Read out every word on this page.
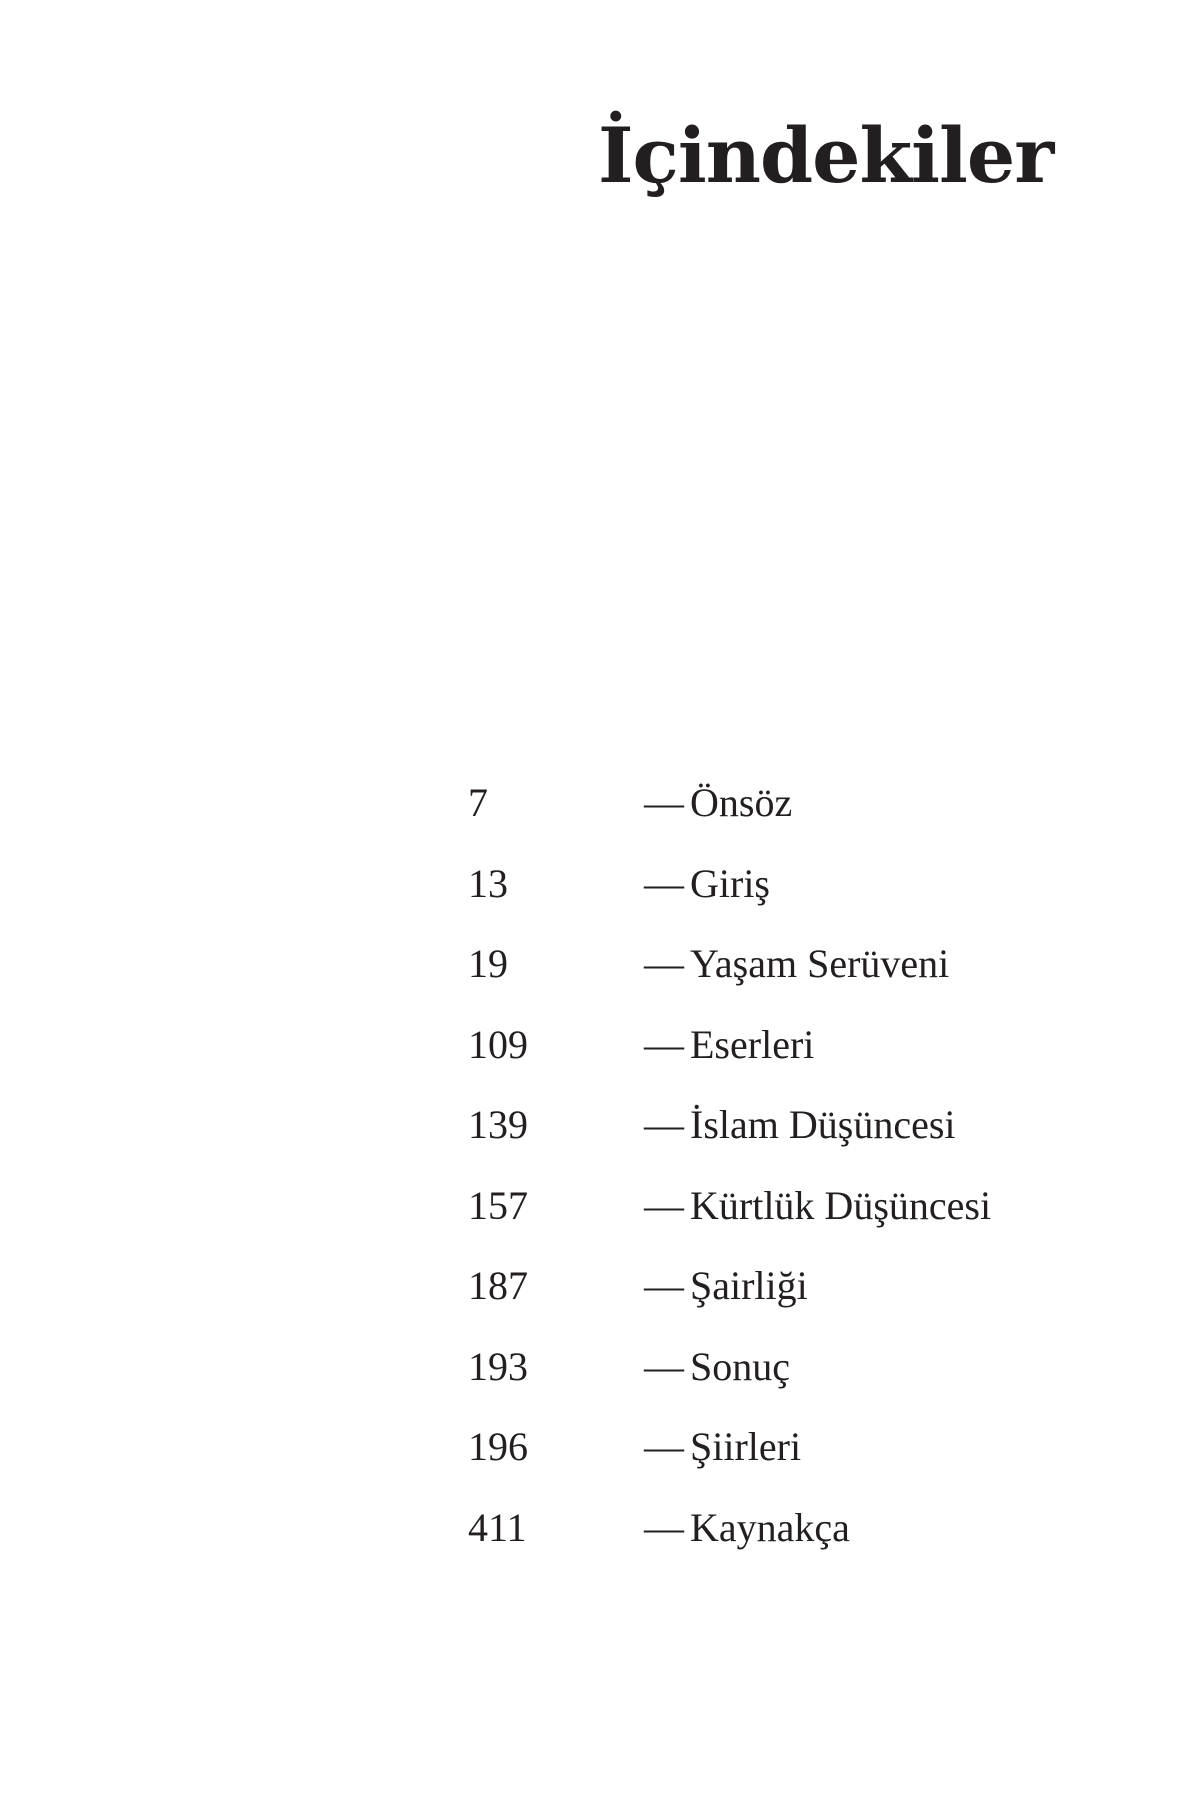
İçindekiler
7	— Önsöz
13	— Giriş
19	— Yaşam Serüveni
109	— Eserleri
139	— İslam Düşüncesi
157	— Kürtlük Düşüncesi
187	— Şairliği
193	— Sonuç
196	— Şiirleri
411	— Kaynakça
